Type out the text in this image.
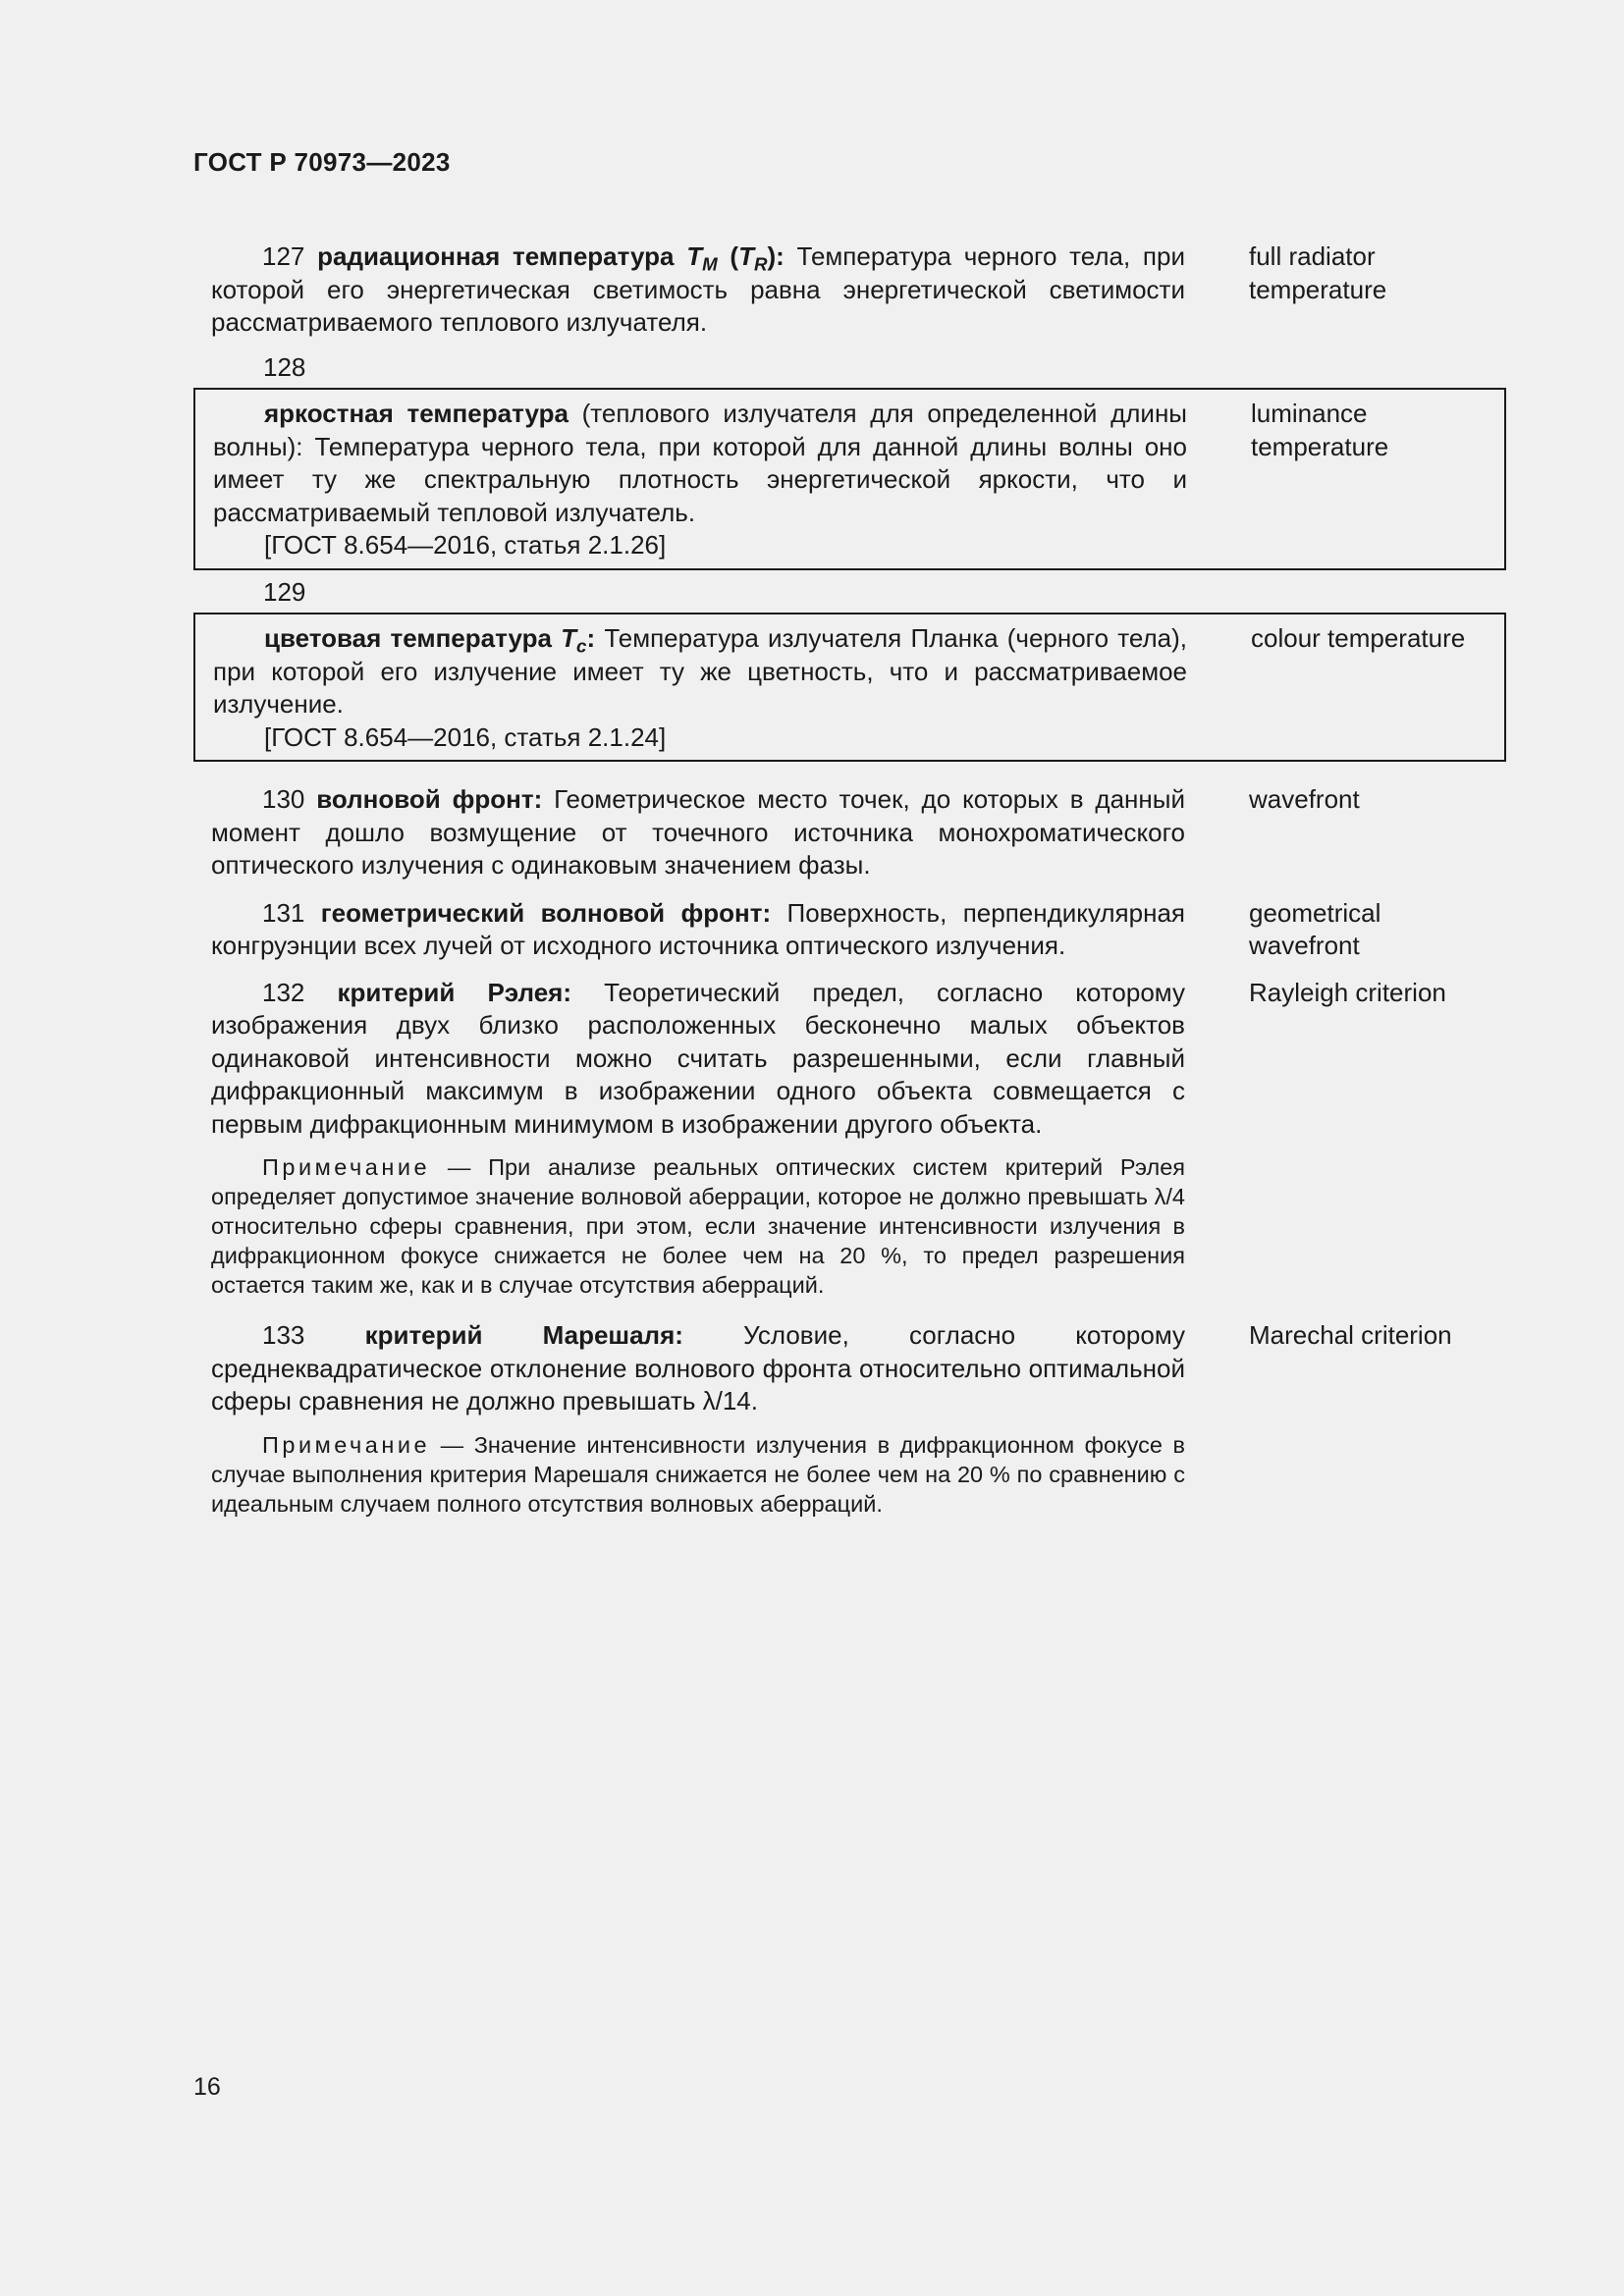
ГОСТ Р 70973—2023

127 радиационная температура $T_M$ $(T_R)$: Температура черного тела, при которой его энергетическая светимость равна энергетической светимости рассматриваемого теплового излучателя.

full radiator
temperature
128

яркостная температура (теплового излучателя для определенной длины волны): Температура черного тела, при которой для данной длины волны оно имеет ту же спектральную плотность энергетической яркости, что и рассматриваемый тепловой излучатель.

[ГОСТ 8.654—2016, статья 2.1.26]
luminance
temperature
129

цветовая температура $T_c$: Температура излучателя Планка (черного тела), при которой его излучение имеет ту же цветность, что и рассматриваемое излучение.

[ГОСТ 8.654—2016, статья 2.1.24]
colour temperature

130 волновой фронт: Геометрическое место точек, до которых в данный момент дошло возмущение от точечного источника монохроматического оптического излучения с одинаковым значением фазы.

wavefront

131 геометрический волновой фронт: Поверхность, перпендикулярная конгруэнции всех лучей от исходного источника оптического излучения.

geometrical
wavefront

132 критерий Рэлея: Теоретический предел, согласно которому изображения двух близко расположенных бесконечно малых объектов одинаковой интенсивности можно считать разрешенными, если главный дифракционный максимум в изображении одного объекта совмещается с первым дифракционным минимумом в изображении другого объекта.

Примечание — При анализе реальных оптических систем критерий Рэлея определяет допустимое значение волновой аберрации, которое не должно превышать λ/4 относительно сферы сравнения, при этом, если значение интенсивности излучения в дифракционном фокусе снижается не более чем на 20 %, то предел разрешения остается таким же, как и в случае отсутствия аберраций.

Rayleigh criterion

133 критерий Марешаля: Условие, согласно которому среднеквадратическое отклонение волнового фронта относительно оптимальной сферы сравнения не должно превышать λ/14.

Примечание — Значение интенсивности излучения в дифракционном фокусе в случае выполнения критерия Марешаля снижается не более чем на 20 % по сравнению с идеальным случаем полного отсутствия волновых аберраций.

Marechal criterion
16
